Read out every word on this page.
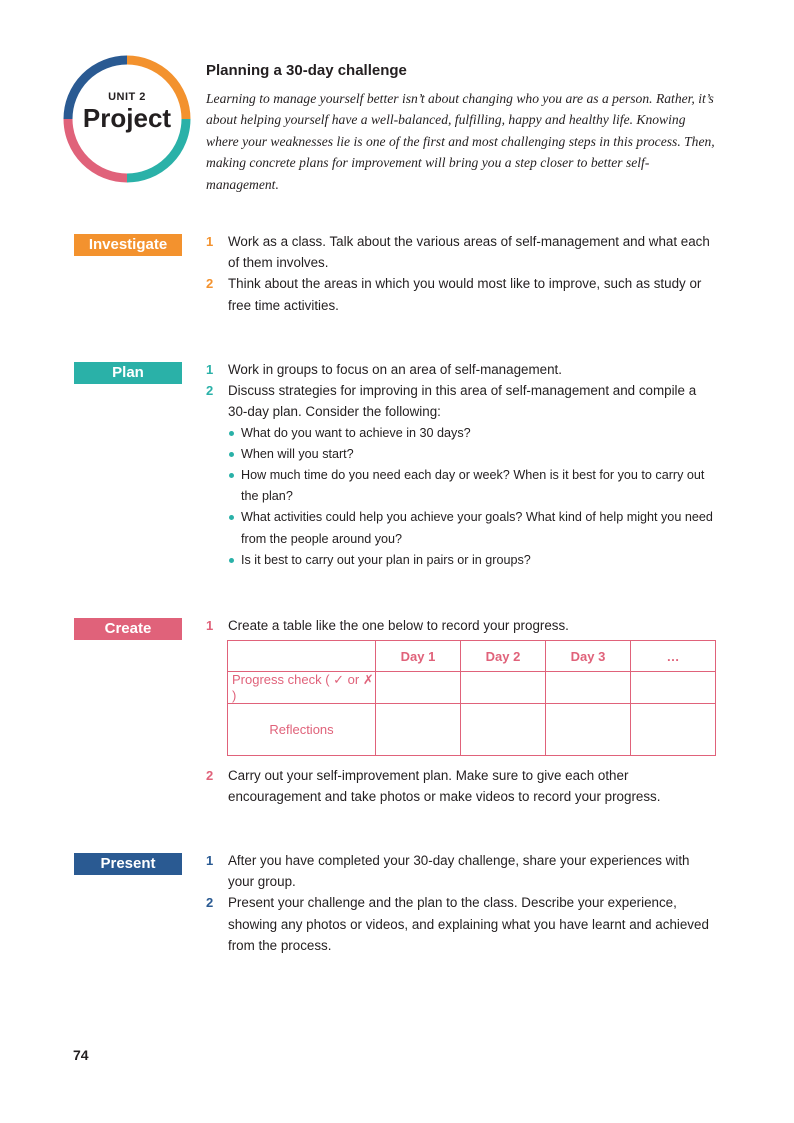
UNIT 2
Project
Planning a 30-day challenge
Learning to manage yourself better isn’t about changing who you are as a person. Rather, it’s about helping yourself have a well-balanced, fulfilling, happy and healthy life. Knowing where your weaknesses lie is one of the first and most challenging steps in this process. Then, making concrete plans for improvement will bring you a step closer to better self-management.
Investigate	1 Work as a class. Talk about the various areas of self-management and what each of them involves.
2 Think about the areas in which you would most like to improve, such as study or free time activities.
Plan	1 Work in groups to focus on an area of self-management.
2 Discuss strategies for improving in this area of self-management and compile a 30-day plan. Consider the following:
What do you want to achieve in 30 days?
When will you start?
How much time do you need each day or week? When is it best for you to carry out the plan?
What activities could help you achieve your goals? What kind of help might you need from the people around you?
Is it best to carry out your plan in pairs or in groups?
Create	1 Create a table like the one below to record your progress.
	Day 1	Day 2	Day 3	…
Progress check ( ✓ or ✗ )				
Reflections				
2 Carry out your self-improvement plan. Make sure to give each other encouragement and take photos or make videos to record your progress.
Present	1 After you have completed your 30-day challenge, share your experiences with your group.
2 Present your challenge and the plan to the class. Describe your experience, showing any photos or videos, and explaining what you have learnt and achieved from the process.
74
